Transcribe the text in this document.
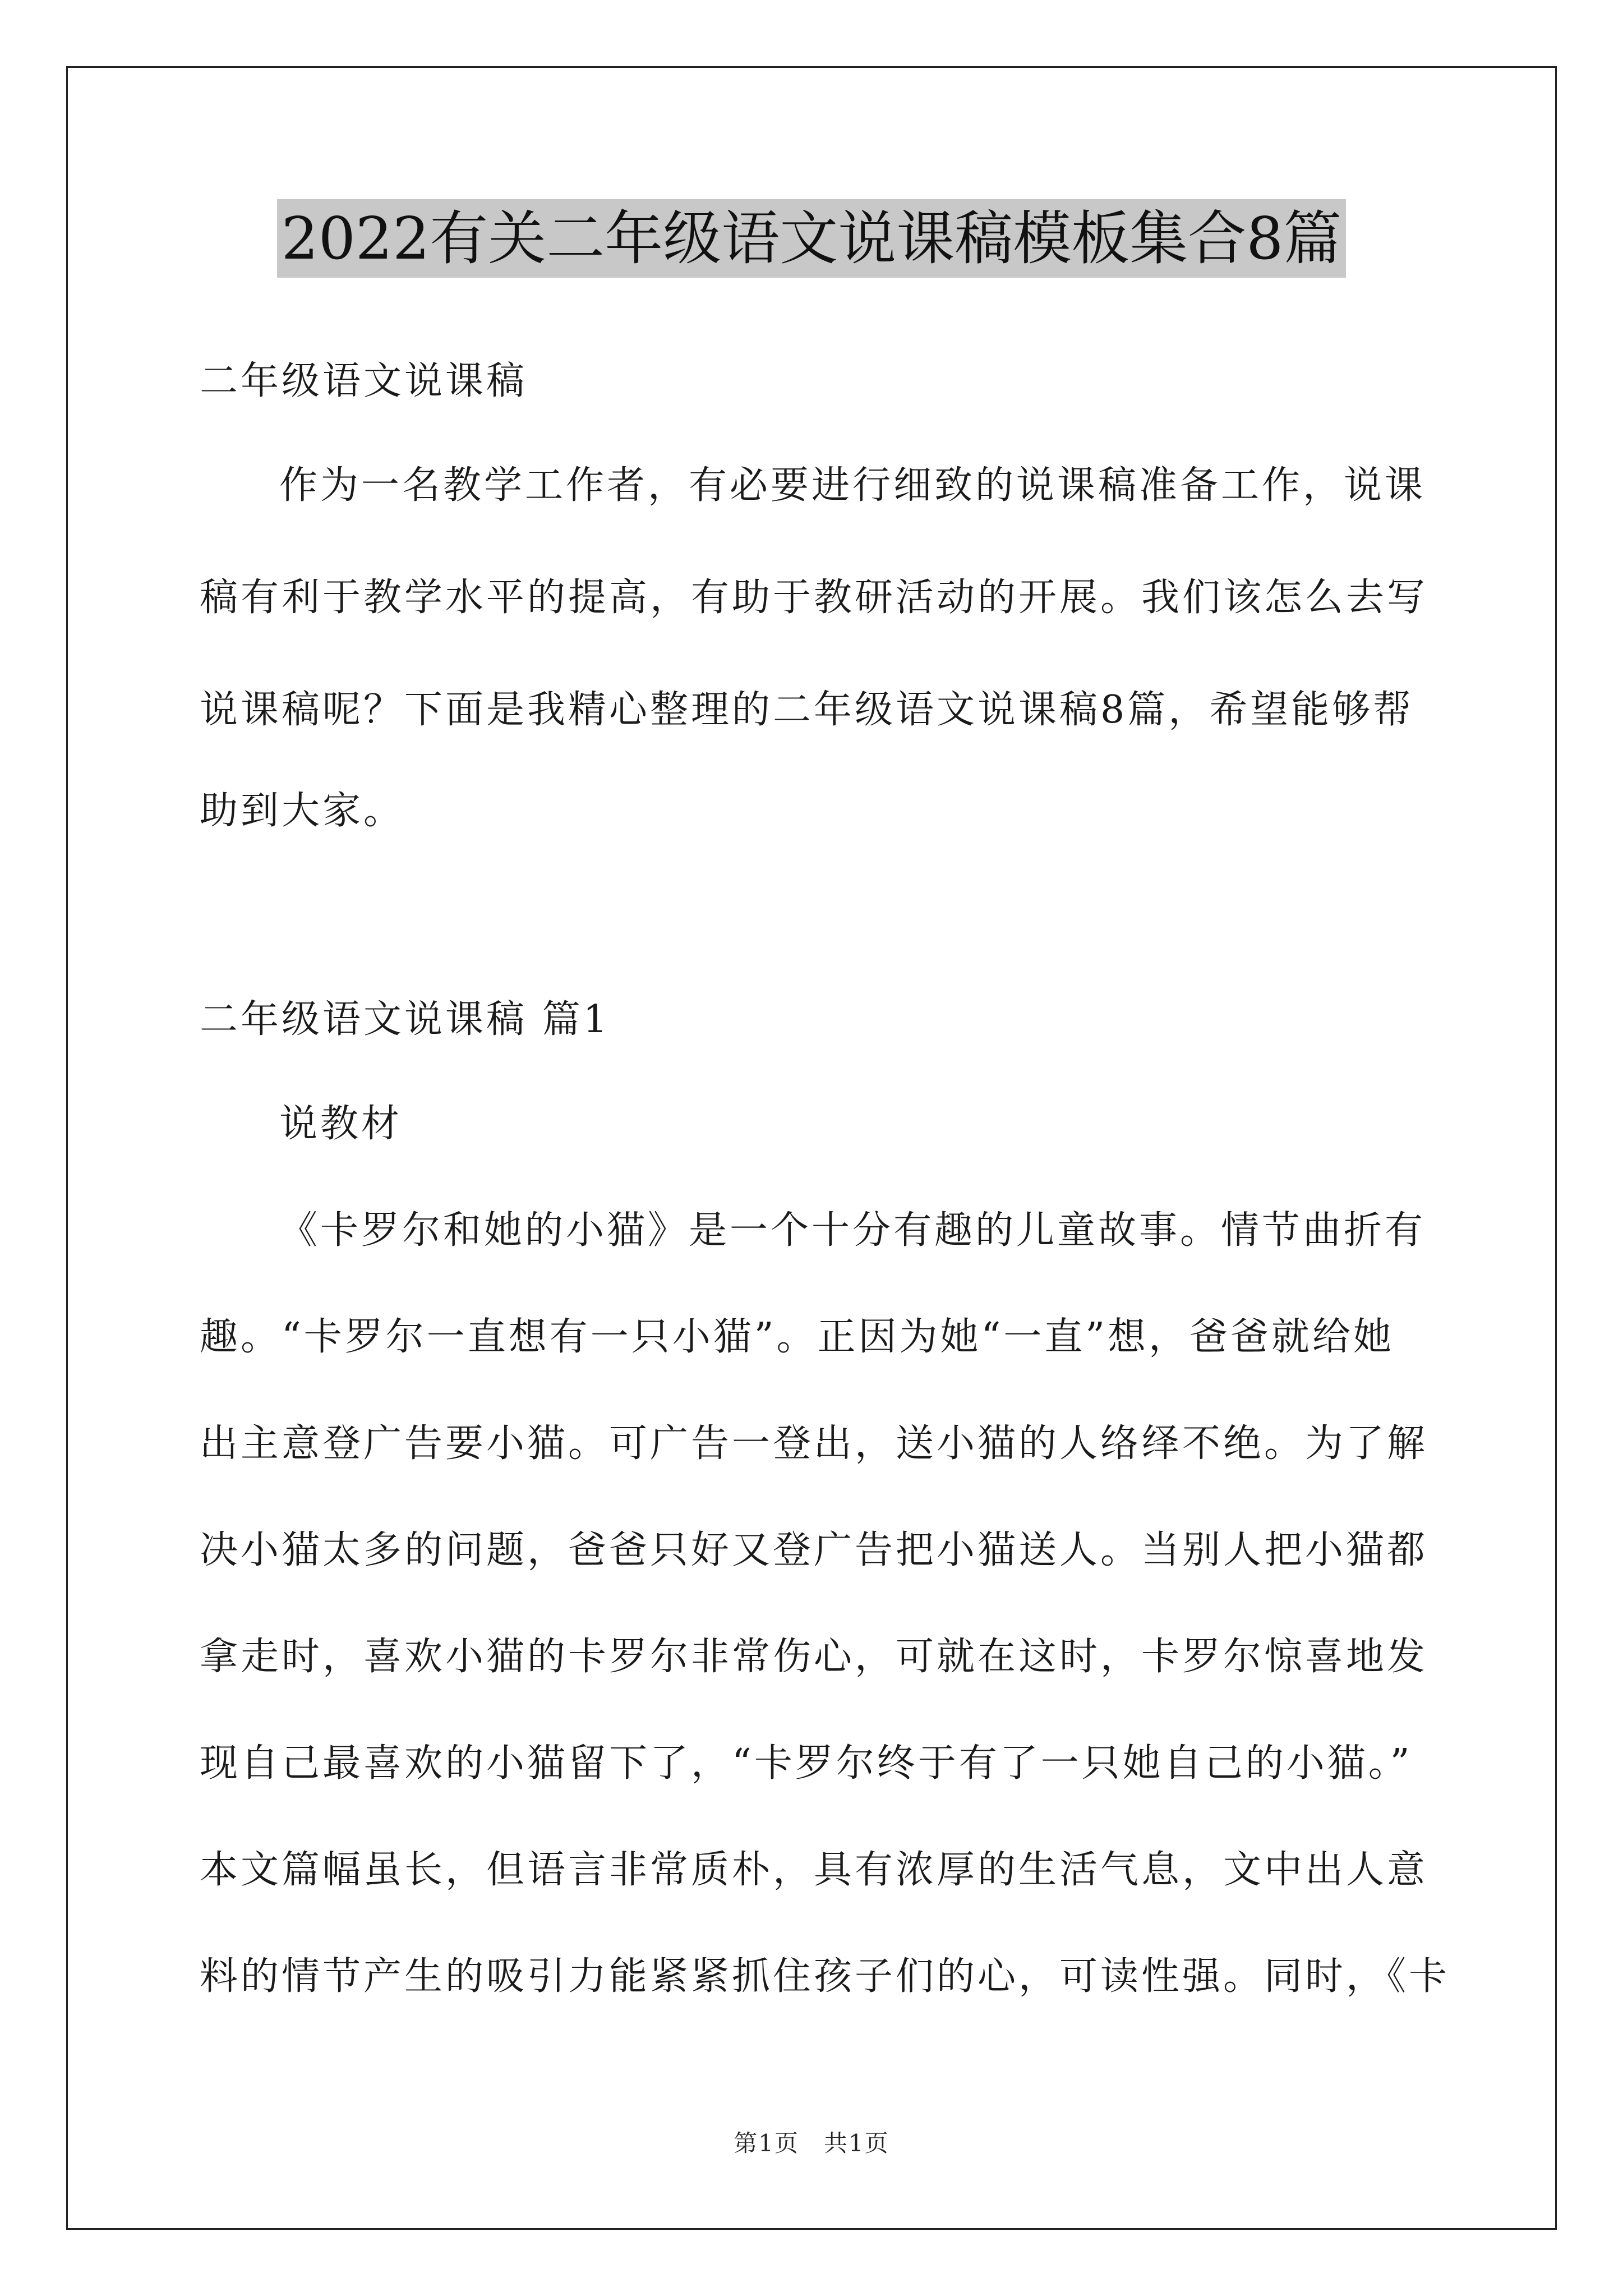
2022有关二年级语文说课稿模板集合8篇
二年级语文说课稿
作为一名教学工作者，有必要进行细致的说课稿准备工作，说课
稿有利于教学水平的提高，有助于教研活动的开展。我们该怎么去写
说课稿呢？下面是我精心整理的二年级语文说课稿8篇，希望能够帮
助到大家。
二年级语文说课稿 篇1
说教材
《卡罗尔和她的小猫》是一个十分有趣的儿童故事。情节曲折有
趣。“卡罗尔一直想有一只小猫”。正因为她“一直”想，爸爸就给她
出主意登广告要小猫。可广告一登出，送小猫的人络绎不绝。为了解
决小猫太多的问题，爸爸只好又登广告把小猫送人。当别人把小猫都
拿走时，喜欢小猫的卡罗尔非常伤心，可就在这时，卡罗尔惊喜地发
现自己最喜欢的小猫留下了，“卡罗尔终于有了一只她自己的小猫。”
本文篇幅虽长，但语言非常质朴，具有浓厚的生活气息，文中出人意
料的情节产生的吸引力能紧紧抓住孩子们的心，可读性强。同时，《卡
第1页　共1页
